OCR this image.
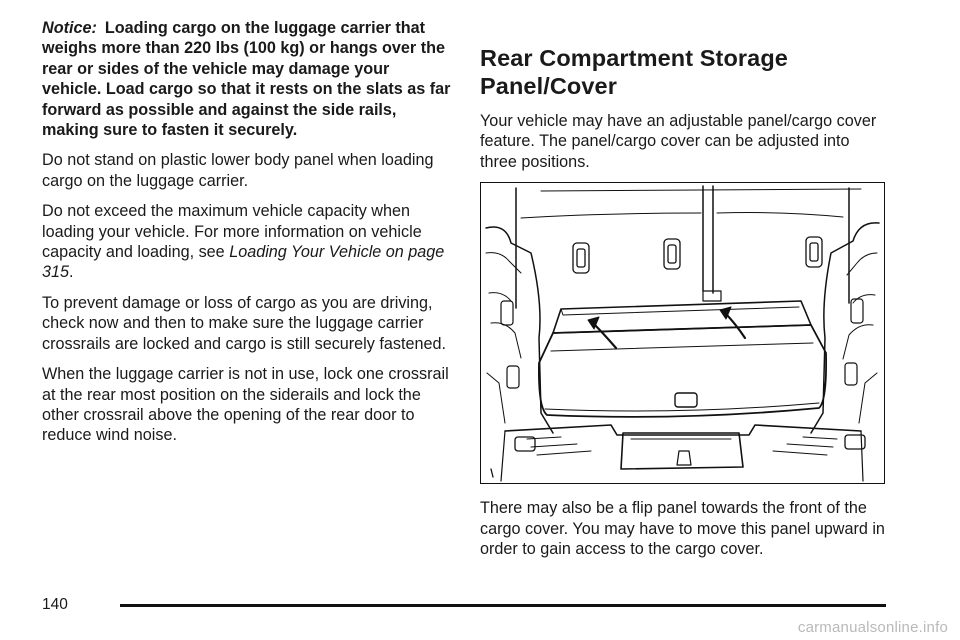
Notice: Loading cargo on the luggage carrier that weighs more than 220 lbs (100 kg) or hangs over the rear or sides of the vehicle may damage your vehicle. Load cargo so that it rests on the slats as far forward as possible and against the side rails, making sure to fasten it securely.

Do not stand on plastic lower body panel when loading cargo on the luggage carrier.

Do not exceed the maximum vehicle capacity when loading your vehicle. For more information on vehicle capacity and loading, see Loading Your Vehicle on page 315.

To prevent damage or loss of cargo as you are driving, check now and then to make sure the luggage carrier crossrails are locked and cargo is still securely fastened.

When the luggage carrier is not in use, lock one crossrail at the rear most position on the siderails and lock the other crossrail above the opening of the rear door to reduce wind noise.

Rear Compartment Storage Panel/Cover

Your vehicle may have an adjustable panel/cargo cover feature. The panel/cargo cover can be adjusted into three positions.

There may also be a flip panel towards the front of the cargo cover. You may have to move this panel upward in order to gain access to the cargo cover.

140
carmanualsonline.info
